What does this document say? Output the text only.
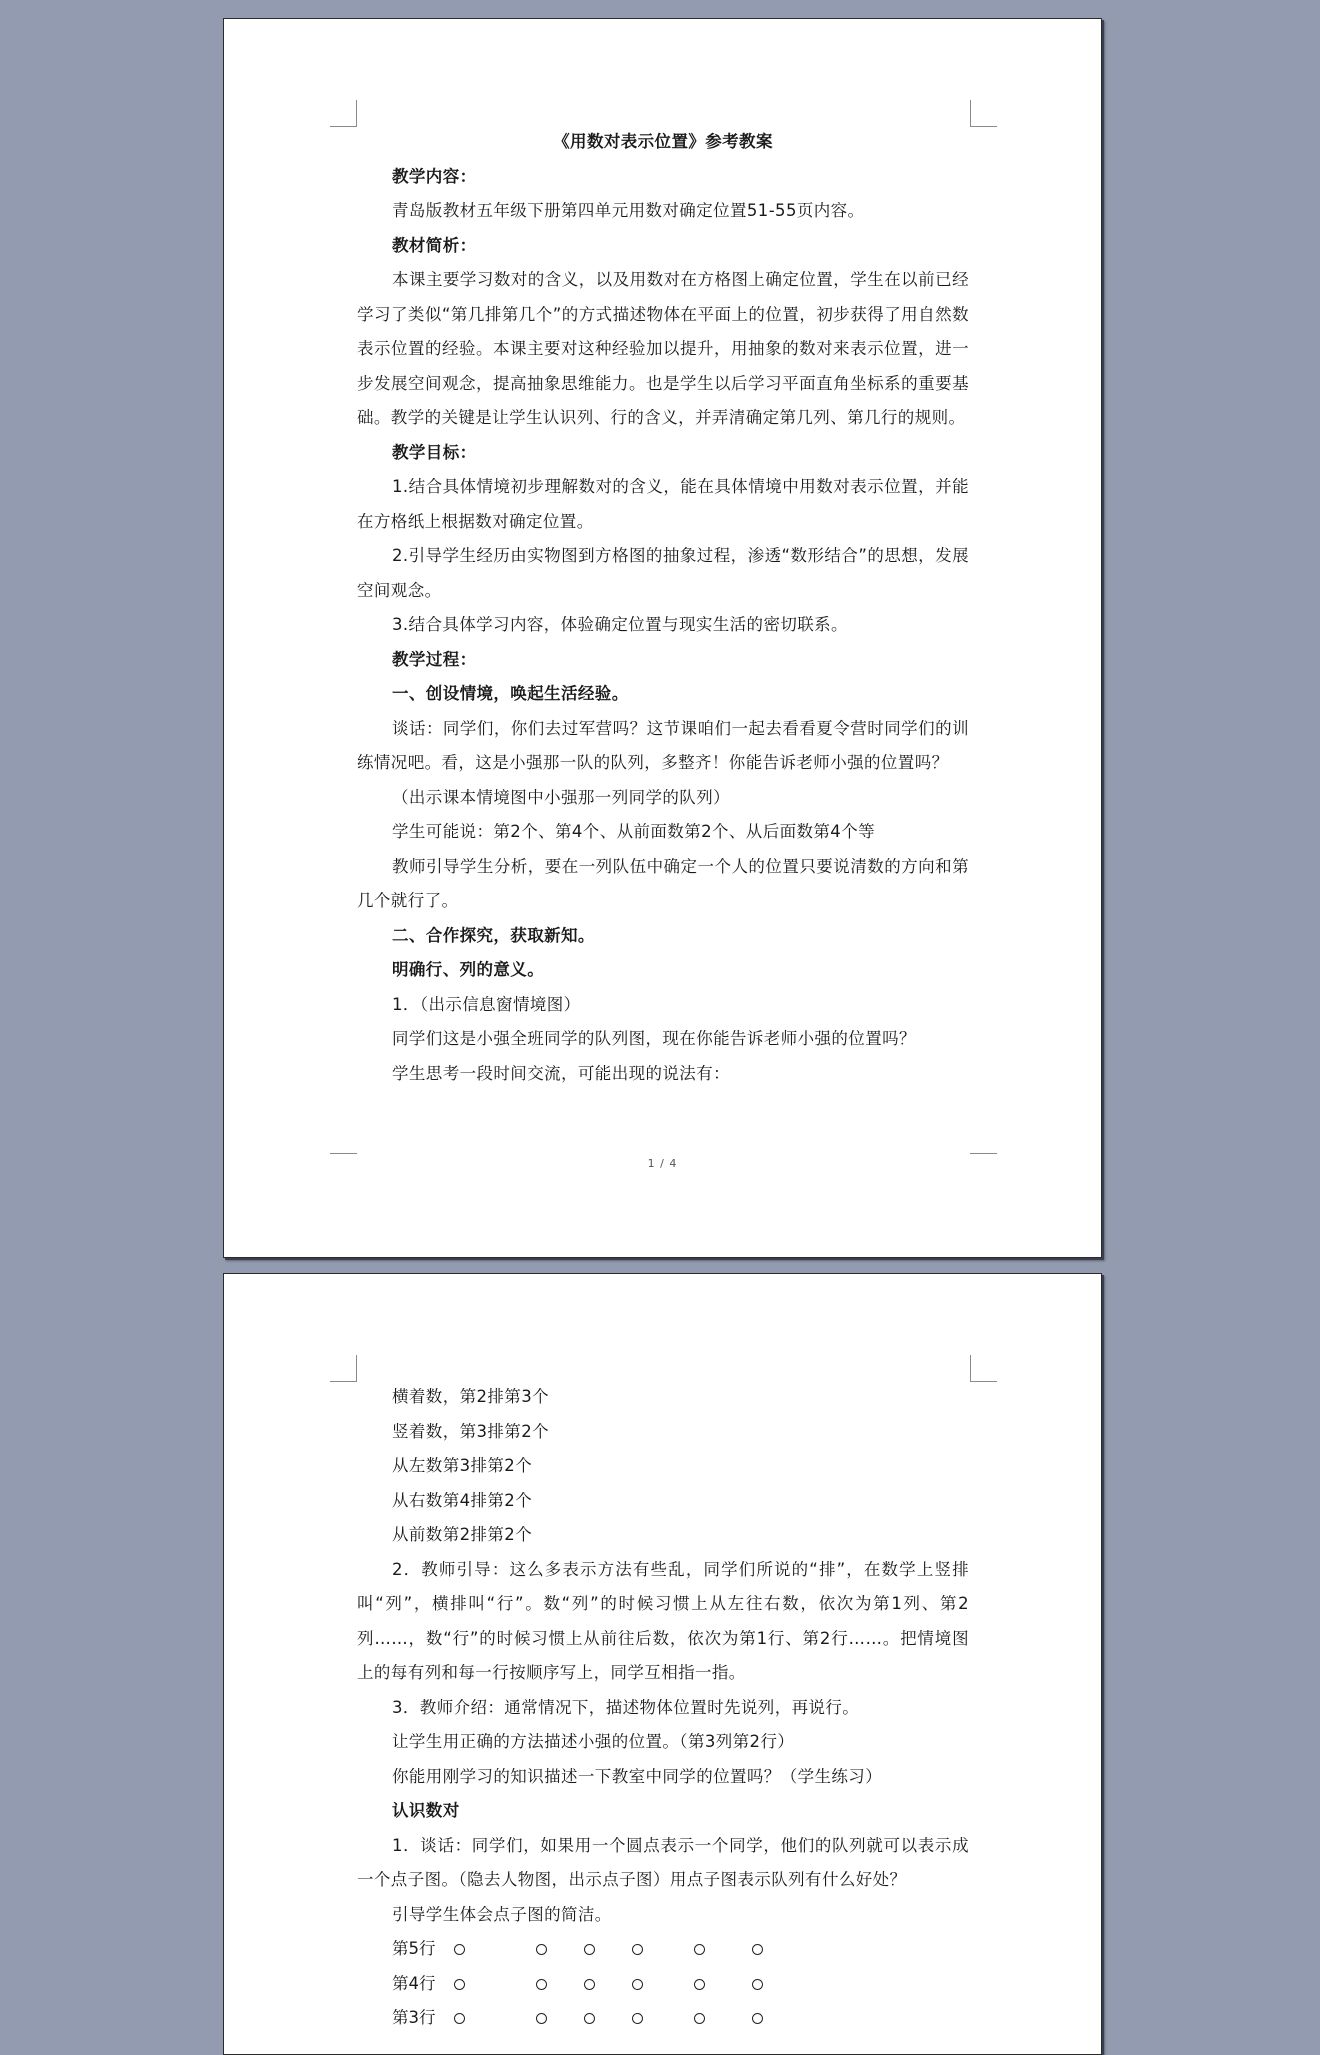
《用数对表示位置》参考教案

教学内容：

青岛版教材五年级下册第四单元用数对确定位置51-55页内容。

教材简析：

本课主要学习数对的含义，以及用数对在方格图上确定位置，学生在以前已经学习了类似“第几排第几个”的方式描述物体在平面上的位置，初步获得了用自然数表示位置的经验。本课主要对这种经验加以提升，用抽象的数对来表示位置，进一步发展空间观念，提高抽象思维能力。也是学生以后学习平面直角坐标系的重要基础。教学的关键是让学生认识列、行的含义，并弄清确定第几列、第几行的规则。

教学目标：

1.结合具体情境初步理解数对的含义，能在具体情境中用数对表示位置，并能在方格纸上根据数对确定位置。

2.引导学生经历由实物图到方格图的抽象过程，渗透“数形结合”的思想，发展空间观念。

3.结合具体学习内容，体验确定位置与现实生活的密切联系。

教学过程：

一、创设情境，唤起生活经验。

谈话：同学们，你们去过军营吗？这节课咱们一起去看看夏令营时同学们的训练情况吧。看，这是小强那一队的队列，多整齐！你能告诉老师小强的位置吗？

（出示课本情境图中小强那一列同学的队列）

学生可能说：第2个、第4个、从前面数第2个、从后面数第4个等

教师引导学生分析，要在一列队伍中确定一个人的位置只要说清数的方向和第几个就行了。

二、合作探究，获取新知。

明确行、列的意义。

1．（出示信息窗情境图）

同学们这是小强全班同学的队列图，现在你能告诉老师小强的位置吗？

学生思考一段时间交流，可能出现的说法有：

1 / 4

横着数，第2排第3个

竖着数，第3排第2个

从左数第3排第2个

从右数第4排第2个

从前数第2排第2个

2．教师引导：这么多表示方法有些乱，同学们所说的“排”，在数学上竖排叫“列”，横排叫“行”。数“列”的时候习惯上从左往右数，依次为第1列、第2列……，数“行”的时候习惯上从前往后数，依次为第1行、第2行……。把情境图上的每有列和每一行按顺序写上，同学互相指一指。

3．教师介绍：通常情况下，描述物体位置时先说列，再说行。

让学生用正确的方法描述小强的位置。（第3列第2行）

你能用刚学习的知识描述一下教室中同学的位置吗？（学生练习）

认识数对

1．谈话：同学们，如果用一个圆点表示一个同学，他们的队列就可以表示成一个点子图。（隐去人物图，出示点子图）用点子图表示队列有什么好处？

引导学生体会点子图的简洁。

第5行
第4行
第3行
